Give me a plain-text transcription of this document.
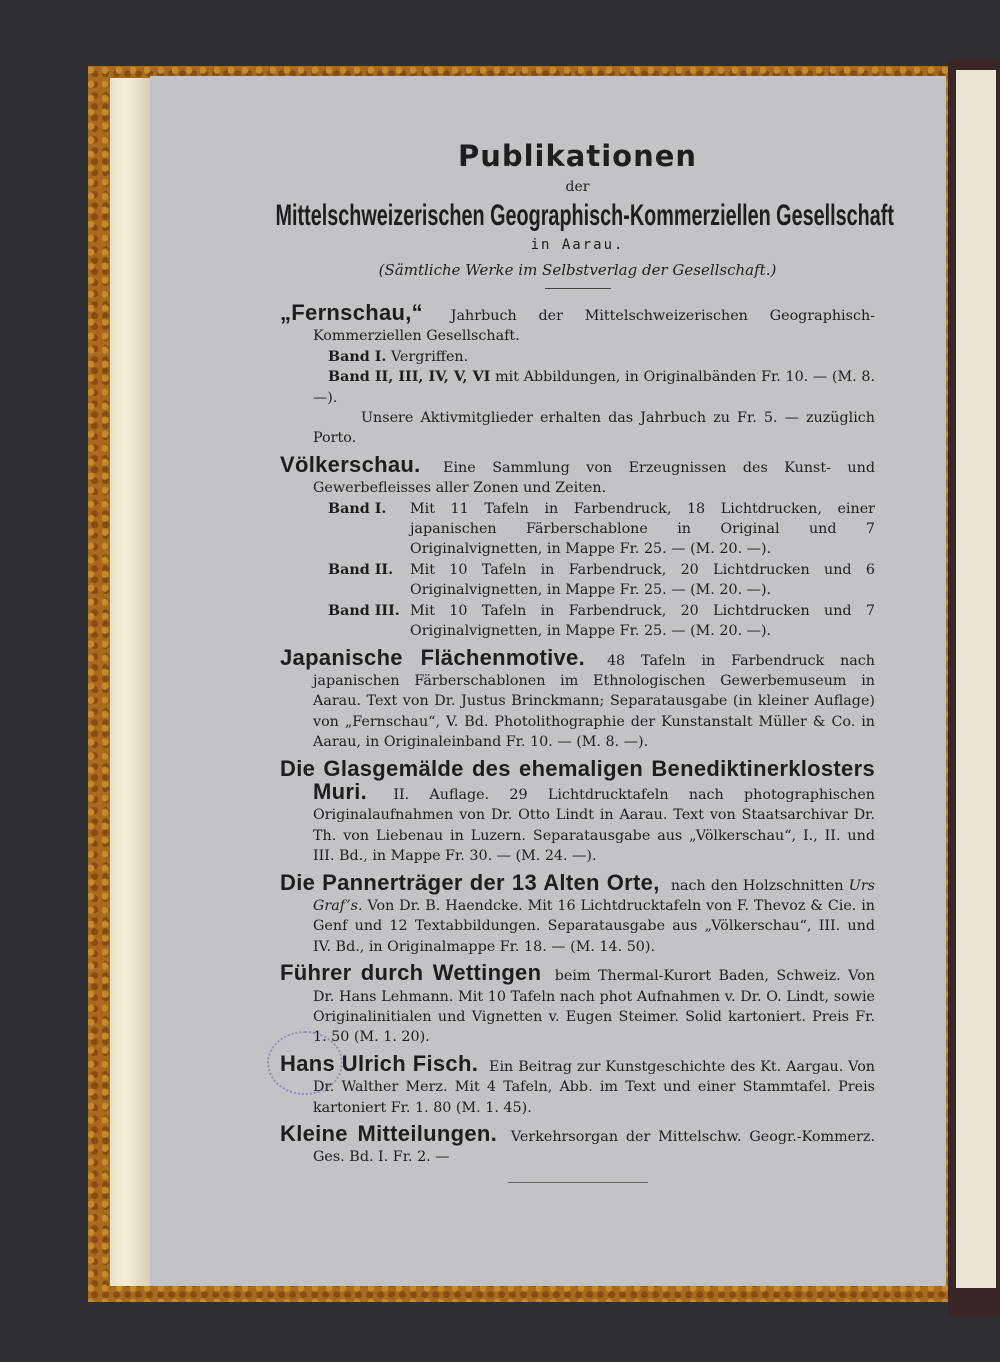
Publikationen

der

Mittelschweizerischen Geographisch-Kommerziellen Gesellschaft

in Aarau.

(Sämtliche Werke im Selbstverlag der Gesellschaft.)

„Fernschau,“ Jahrbuch der Mittelschweizerischen Geographisch-Kommerziellen Gesellschaft.

Band I. Vergriffen.

Band II, III, IV, V, VI mit Abbildungen, in Originalbänden Fr. 10. — (M. 8. —).

Unsere Aktivmitglieder erhalten das Jahrbuch zu Fr. 5. — zuzüglich Porto.

Völkerschau. Eine Sammlung von Erzeugnissen des Kunst- und Gewerbefleisses aller Zonen und Zeiten.

Band I.	Mit 11 Tafeln in Farbendruck, 18 Lichtdrucken, einer japanischen Färberschablone in Original und 7 Originalvignetten, in Mappe Fr. 25. — (M. 20. —).
Band II.	Mit 10 Tafeln in Farbendruck, 20 Lichtdrucken und 6 Originalvignetten, in Mappe Fr. 25. — (M. 20. —).
Band III. Mit 10 Tafeln in Farbendruck, 20 Lichtdrucken und 7 Originalvignetten, in Mappe Fr. 25. — (M. 20. —).

Japanische Flächenmotive. 48 Tafeln in Farbendruck nach japanischen Färberschablonen im Ethnologischen Gewerbemuseum in Aarau. Text von Dr. Justus Brinckmann; Separatausgabe (in kleiner Auflage) von „Fernschau“, V. Bd. Photolithographie der Kunstanstalt Müller & Co. in Aarau, in Originaleinband Fr. 10. — (M. 8. —).

Die Glasgemälde des ehemaligen Benediktinerklosters Muri. II. Auflage. 29 Lichtdrucktafeln nach photographischen Originalaufnahmen von Dr. Otto Lindt in Aarau. Text von Staatsarchivar Dr. Th. von Liebenau in Luzern. Separatausgabe aus „Völkerschau“, I., II. und III. Bd., in Mappe Fr. 30. — (M. 24. —).

Die Pannerträger der 13 Alten Orte, nach den Holzschnitten Urs Graf’s. Von Dr. B. Haendcke. Mit 16 Lichtdrucktafeln von F. Thevoz & Cie. in Genf und 12 Textabbildungen. Separatausgabe aus „Völkerschau“, III. und IV. Bd., in Originalmappe Fr. 18. — (M. 14. 50).

Führer durch Wettingen beim Thermal-Kurort Baden, Schweiz. Von Dr. Hans Lehmann. Mit 10 Tafeln nach phot Aufnahmen v. Dr. O. Lindt, sowie Originalinitialen und Vignetten v. Eugen Steimer. Solid kartoniert. Preis Fr. 1. 50 (M. 1. 20).

Hans Ulrich Fisch. Ein Beitrag zur Kunstgeschichte des Kt. Aargau. Von Dr. Walther Merz. Mit 4 Tafeln, Abb. im Text und einer Stammtafel. Preis kartoniert Fr. 1. 80 (M. 1. 45).

Kleine Mitteilungen. Verkehrsorgan der Mittelschw. Geogr.-Kommerz. Ges. Bd. I. Fr. 2. —
